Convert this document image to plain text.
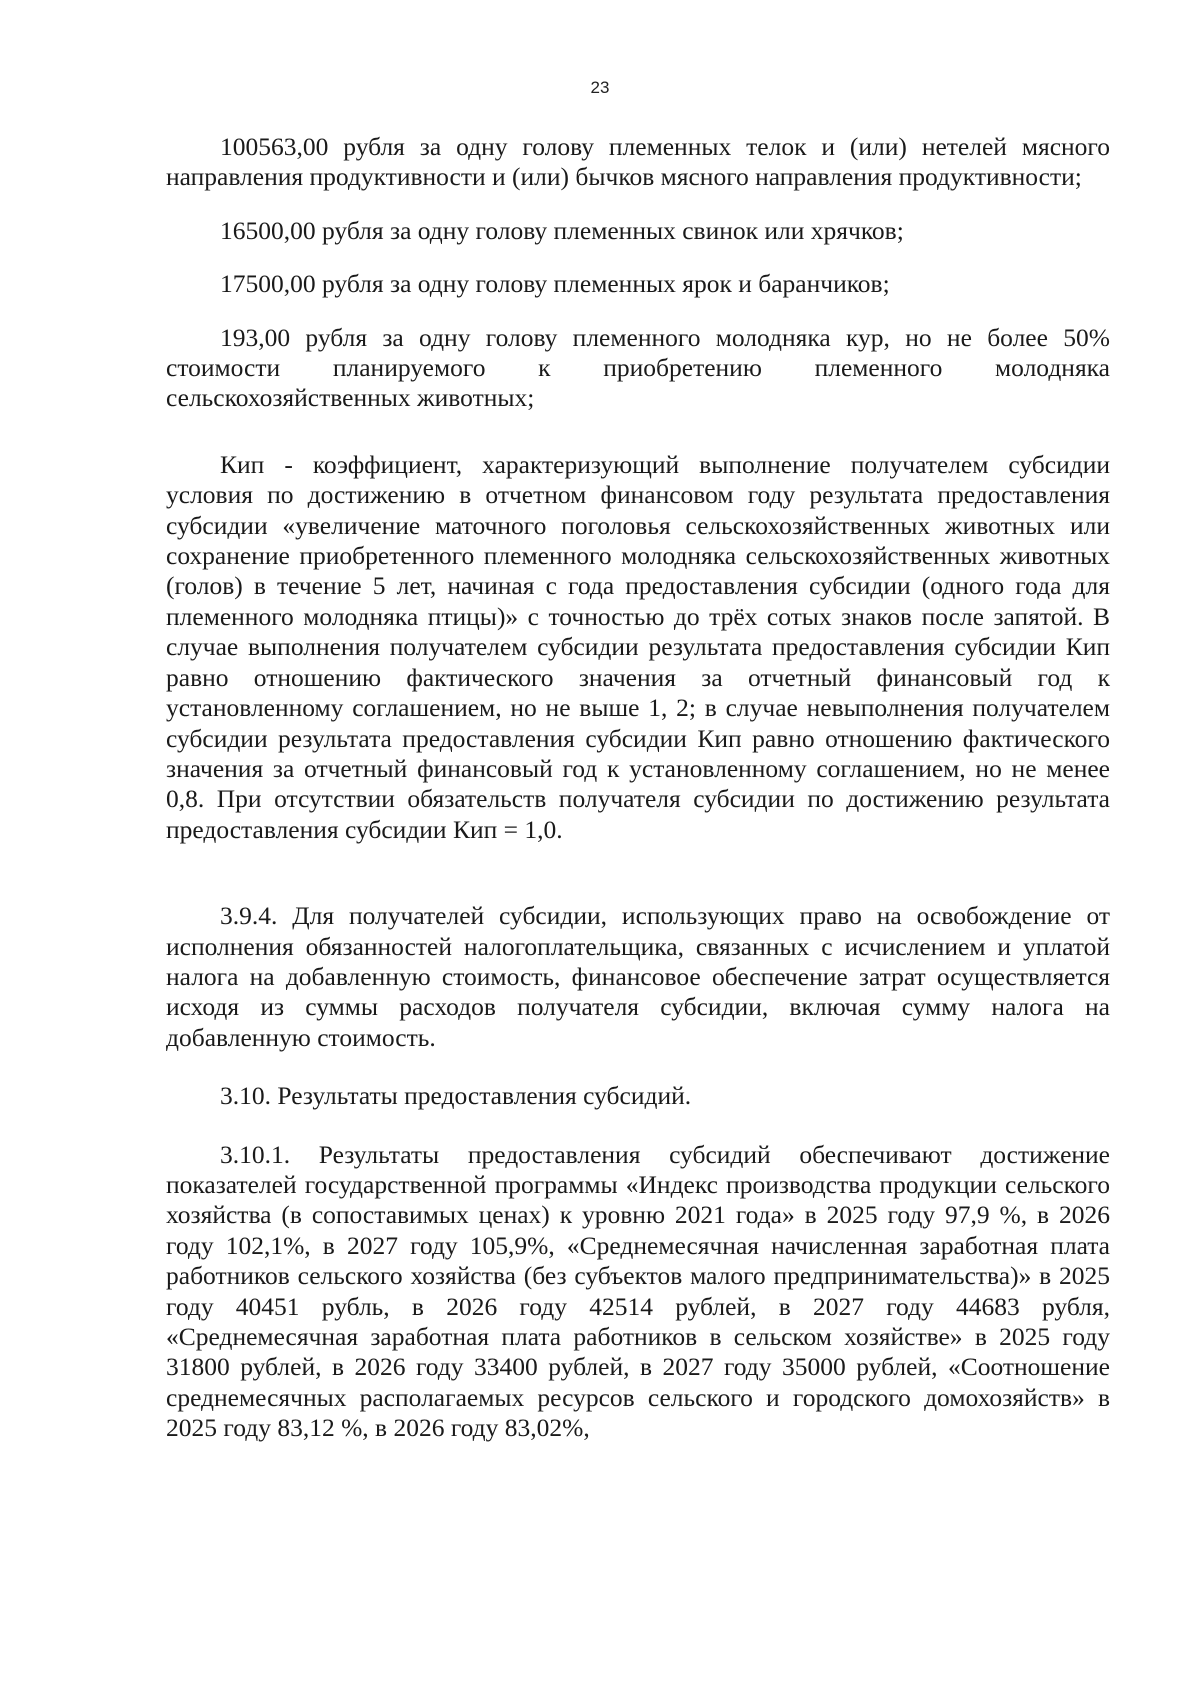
23

100563,00 рубля за одну голову племенных телок и (или) нетелей мясного направления продуктивности и (или) бычков мясного направления продуктивности;

16500,00 рубля за одну голову племенных свинок или хрячков;

17500,00 рубля за одну голову племенных ярок и баранчиков;

193,00 рубля за одну голову племенного молодняка кур, но не более 50% стоимости планируемого к приобретению племенного молодняка сельскохозяйственных животных;

Кип - коэффициент, характеризующий выполнение получателем субсидии условия по достижению в отчетном финансовом году результата предоставления субсидии «увеличение маточного поголовья сельскохозяйственных животных или сохранение приобретенного племенного молодняка сельскохозяйственных животных (голов) в течение 5 лет, начиная с года предоставления субсидии (одного года для племенного молодняка птицы)» с точностью до трёх сотых знаков после запятой. В случае выполнения получателем субсидии результата предоставления субсидии Кип равно отношению фактического значения за отчетный финансовый год к установленному соглашением, но не выше 1, 2; в случае невыполнения получателем субсидии результата предоставления субсидии Кип равно отношению фактического значения за отчетный финансовый год к установленному соглашением, но не менее 0,8. При отсутствии обязательств получателя субсидии по достижению результата предоставления субсидии Кип = 1,0.

3.9.4. Для получателей субсидии, использующих право на освобождение от исполнения обязанностей налогоплательщика, связанных с исчислением и уплатой налога на добавленную стоимость, финансовое обеспечение затрат осуществляется исходя из суммы расходов получателя субсидии, включая сумму налога на добавленную стоимость.

3.10. Результаты предоставления субсидий.

3.10.1. Результаты предоставления субсидий обеспечивают достижение показателей государственной программы «Индекс производства продукции сельского хозяйства (в сопоставимых ценах) к уровню 2021 года» в 2025 году 97,9 %, в 2026 году 102,1%, в 2027 году 105,9%, «Среднемесячная начисленная заработная плата работников сельского хозяйства (без субъектов малого предпринимательства)» в 2025 году 40451 рубль, в 2026 году 42514 рублей, в 2027 году 44683 рубля, «Среднемесячная заработная плата работников в сельском хозяйстве» в 2025 году 31800 рублей, в 2026 году 33400 рублей, в 2027 году 35000 рублей, «Соотношение среднемесячных располагаемых ресурсов сельского и городского домохозяйств» в 2025 году 83,12 %, в 2026 году 83,02%,
